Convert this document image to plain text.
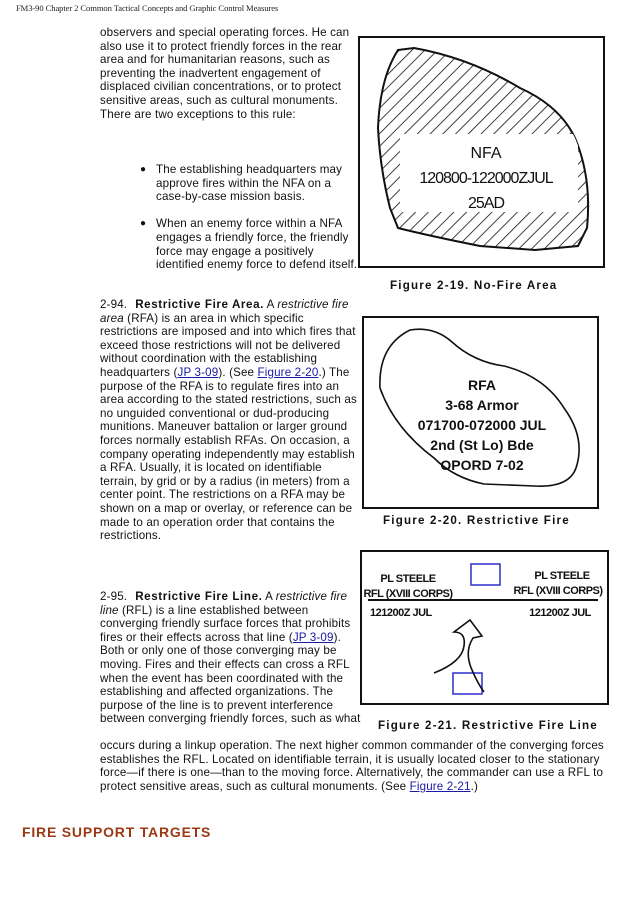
FM3-90 Chapter 2 Common Tactical Concepts and Graphic Control Measures

observers and special operating forces. He can also use it to protect friendly forces in the rear area and for humanitarian reasons, such as preventing the inadvertent engagement of displaced civilian concentrations, or to protect sensitive areas, such as cultural monuments. There are two exceptions to this rule:

● The establishing headquarters may approve fires within the NFA on a case-by-case mission basis.
● When an enemy force within a NFA engages a friendly force, the friendly force may engage a positively identified enemy force to defend itself.

2-94. Restrictive Fire Area. A restrictive fire area (RFA) is an area in which specific restrictions are imposed and into which fires that exceed those restrictions will not be delivered without coordination with the establishing headquarters (JP 3-09). (See Figure 2-20.) The purpose of the RFA is to regulate fires into an area according to the stated restrictions, such as no unguided conventional or dud-producing munitions. Maneuver battalion or larger ground forces normally establish RFAs. On occasion, a company operating independently may establish a RFA. Usually, it is located on identifiable terrain, by grid or by a radius (in meters) from a center point. The restrictions on a RFA may be shown on a map or overlay, or reference can be made to an operation order that contains the restrictions.

2-95. Restrictive Fire Line. A restrictive fire line (RFL) is a line established between converging friendly surface forces that prohibits fires or their effects across that line (JP 3-09). Both or only one of those converging may be moving. Fires and their effects can cross a RFL when the event has been coordinated with the establishing and affected organizations. The purpose of the line is to prevent interference between converging friendly forces, such as what

occurs during a linkup operation. The next higher common commander of the converging forces establishes the RFL. Located on identifiable terrain, it is usually located closer to the stationary force—if there is one—than to the moving force. Alternatively, the commander can use a RFL to protect sensitive areas, such as cultural monuments. (See Figure 2-21.)

NFA
120800-122000ZJUL
25AD
Figure 2-19. No-Fire Area
RFA
3-68 Armor
071700-072000 JUL
2nd (St Lo) Bde
OPORD 7-02
Figure 2-20. Restrictive Fire
PL STEELE
RFL (XVIII CORPS)
121200Z JUL
PL STEELE
RFL (XVIII CORPS)
121200Z JUL
Figure 2-21. Restrictive Fire Line
FIRE SUPPORT TARGETS
